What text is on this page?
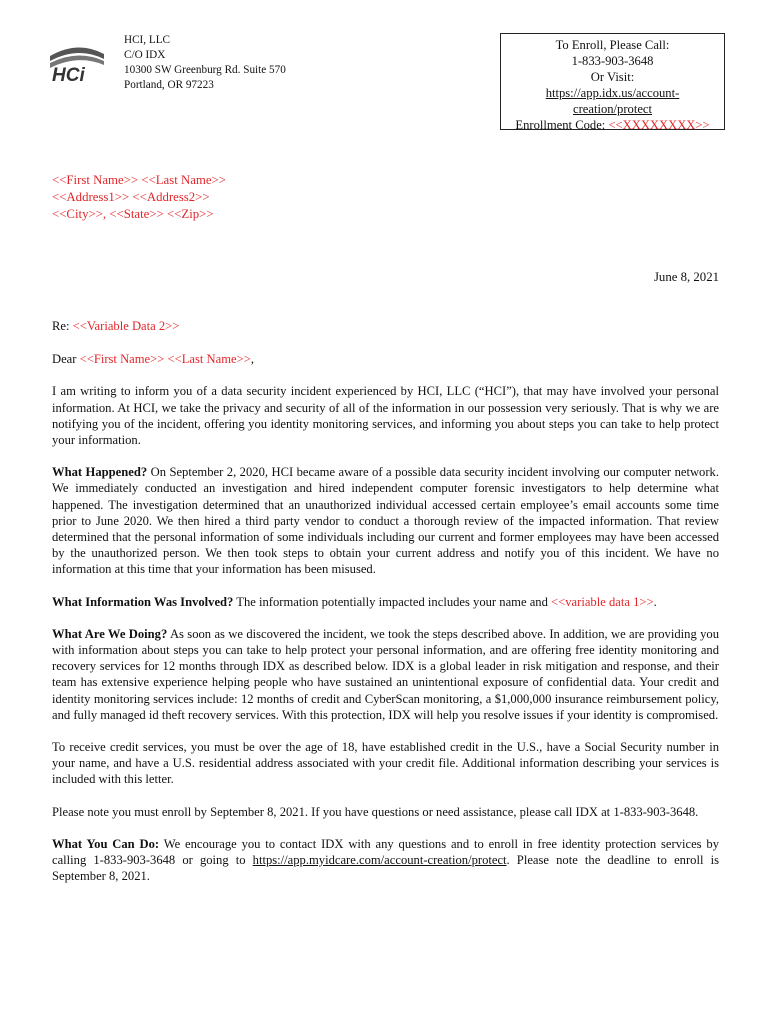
HCi
HCI, LLC
C/O IDX
10300 SW Greenburg Rd. Suite 570
Portland, OR 97223
To Enroll, Please Call:
1-833-903-3648
Or Visit:
https://app.idx.us/account-
creation/protect
Enrollment Code: <<XXXXXXXX>>
<<First Name>> <<Last Name>>
<<Address1>> <<Address2>>
<<City>>, <<State>> <<Zip>>
June 8, 2021

Re: <<Variable Data 2>>

Dear <<First Name>> <<Last Name>>,

I am writing to inform you of a data security incident experienced by HCI, LLC (“HCI”), that may have involved your personal information. At HCI, we take the privacy and security of all of the information in our possession very seriously. That is why we are notifying you of the incident, offering you identity monitoring services, and informing you about steps you can take to help protect your information.

What Happened? On September 2, 2020, HCI became aware of a possible data security incident involving our computer network. We immediately conducted an investigation and hired independent computer forensic investigators to help determine what happened. The investigation determined that an unauthorized individual accessed certain employee’s email accounts some time prior to June 2020. We then hired a third party vendor to conduct a thorough review of the impacted information. That review determined that the personal information of some individuals including our current and former employees may have been accessed by the unauthorized person. We then took steps to obtain your current address and notify you of this incident. We have no information at this time that your information has been misused.

What Information Was Involved? The information potentially impacted includes your name and <<variable data 1>>.

What Are We Doing? As soon as we discovered the incident, we took the steps described above. In addition, we are providing you with information about steps you can take to help protect your personal information, and are offering free identity monitoring and recovery services for 12 months through IDX as described below. IDX is a global leader in risk mitigation and response, and their team has extensive experience helping people who have sustained an unintentional exposure of confidential data. Your credit and identity monitoring services include: 12 months of credit and CyberScan monitoring, a $1,000,000 insurance reimbursement policy, and fully managed id theft recovery services. With this protection, IDX will help you resolve issues if your identity is compromised.

To receive credit services, you must be over the age of 18, have established credit in the U.S., have a Social Security number in your name, and have a U.S. residential address associated with your credit file. Additional information describing your services is included with this letter.

Please note you must enroll by September 8, 2021. If you have questions or need assistance, please call IDX at 1-833-903-3648.

What You Can Do: We encourage you to contact IDX with any questions and to enroll in free identity protection services by calling 1-833-903-3648 or going to https://app.myidcare.com/account-creation/protect. Please note the deadline to enroll is September 8, 2021.
